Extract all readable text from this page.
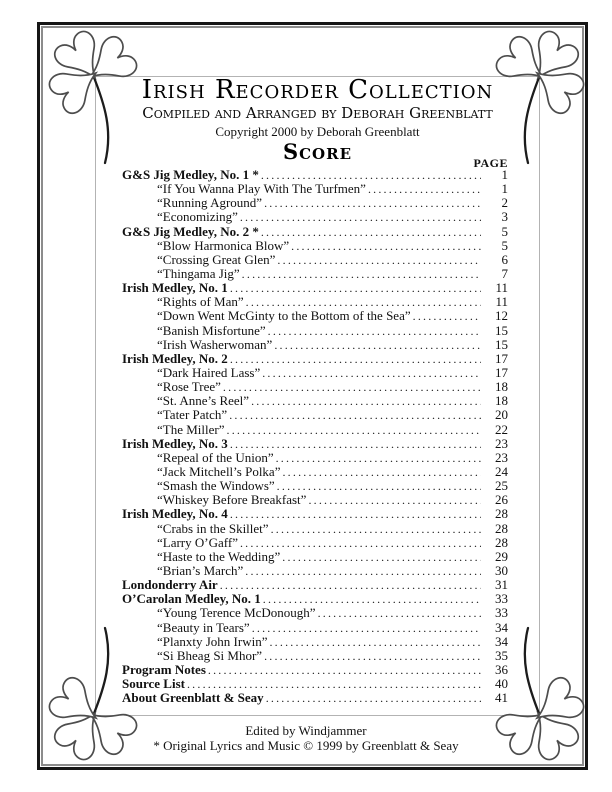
Irish Recorder Collection
Compiled and Arranged by Deborah Greenblatt
Copyright 2000 by Deborah Greenblatt
Score	PAGE
G&S Jig Medley, No. 1 * .....	1
“If You Wanna Play With The Turfmen” .....	1
“Running Aground” .....	2
“Economizing” .....	3
G&S Jig Medley, No. 2 * .....	5
“Blow Harmonica Blow” .....	5
“Crossing Great Glen” .....	6
“Thingama Jig” .....	7
Irish Medley, No. 1 .....	11
“Rights of Man” .....	11
“Down Went McGinty to the Bottom of the Sea” .....	12
“Banish Misfortune” .....	15
“Irish Washerwoman” .....	15
Irish Medley, No. 2 .....	17
“Dark Haired Lass” .....	17
“Rose Tree” .....	18
“St. Anne’s Reel” .....	18
“Tater Patch” .....	20
“The Miller” .....	22
Irish Medley, No. 3 .....	23
“Repeal of the Union” .....	23
“Jack Mitchell’s Polka” .....	24
“Smash the Windows” .....	25
“Whiskey Before Breakfast” .....	26
Irish Medley, No. 4 .....	28
“Crabs in the Skillet” .....	28
“Larry O’Gaff” .....	28
“Haste to the Wedding” .....	29
“Brian’s March” .....	30
Londonderry Air .....	31
O’Carolan Medley, No. 1 .....	33
“Young Terence McDonough” .....	33
“Beauty in Tears” .....	34
“Planxty John Irwin” .....	34
“Si Bheag Si Mhor” .....	35
Program Notes .....	36
Source List .....	40
About Greenblatt & Seay .....	41
Edited by Windjammer
* Original Lyrics and Music © 1999 by Greenblatt & Seay
